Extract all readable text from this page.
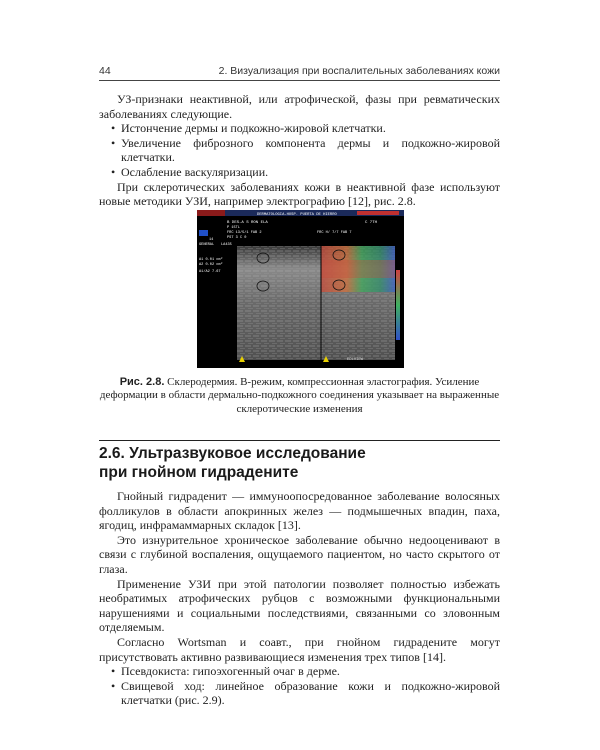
44	2. Визуализация при воспалительных заболеваниях кожи

УЗ-признаки неактивной, или атрофической, фазы при ревматических заболеваниях следующие.

• Истончение дермы и подкожно-жировой клетчатки.
• Увеличение фиброзного компонента дермы и подкожно-жировой клетчатки.
• Ослабление васкуляризации.

При склеротических заболеваниях кожи в неактивной фазе используют новые методики УЗИ, например электрографию [12], рис. 2.8.

DERMATOLOGIA-HOSP. PUERTA DE HIERRO
B DES-A S RON ELA	C 7TH
P 15TL
FRC 13/5/1 FAB 2
PST 3 C 0
FRC H/ 7/7 FAB 7
14
GENERAL LA435
A1 0.01 cm²
A2 0.02 cm²
A1/A2 7.67
EDLVIEW
Рис. 2.8. Склеродермия. В-режим, компрессионная эластография. Усиление деформации в области дермально-подкожного соединения указывает на выраженные склеротические изменения
2.6. Ультразвуковое исследование
при гнойном гидрадените

Гнойный гидраденит — иммуноопосредованное заболевание волосяных фолликулов в области апокринных желез — подмышечных впадин, паха, ягодиц, инфрамаммарных складок [13].

Это изнурительное хроническое заболевание обычно недооценивают в связи с глубиной воспаления, ощущаемого пациентом, но часто скрытого от глаза.

Применение УЗИ при этой патологии позволяет полностью избежать необратимых атрофических рубцов с возможными функциональными нарушениями и социальными последствиями, связанными со зловонным отделяемым.

Согласно Wortsman и соавт., при гнойном гидрадените могут присутствовать активно развивающиеся изменения трех типов [14].

• Псевдокиста: гипоэхогенный очаг в дерме.
• Свищевой ход: линейное образование кожи и подкожно-жировой клетчатки (рис. 2.9).
